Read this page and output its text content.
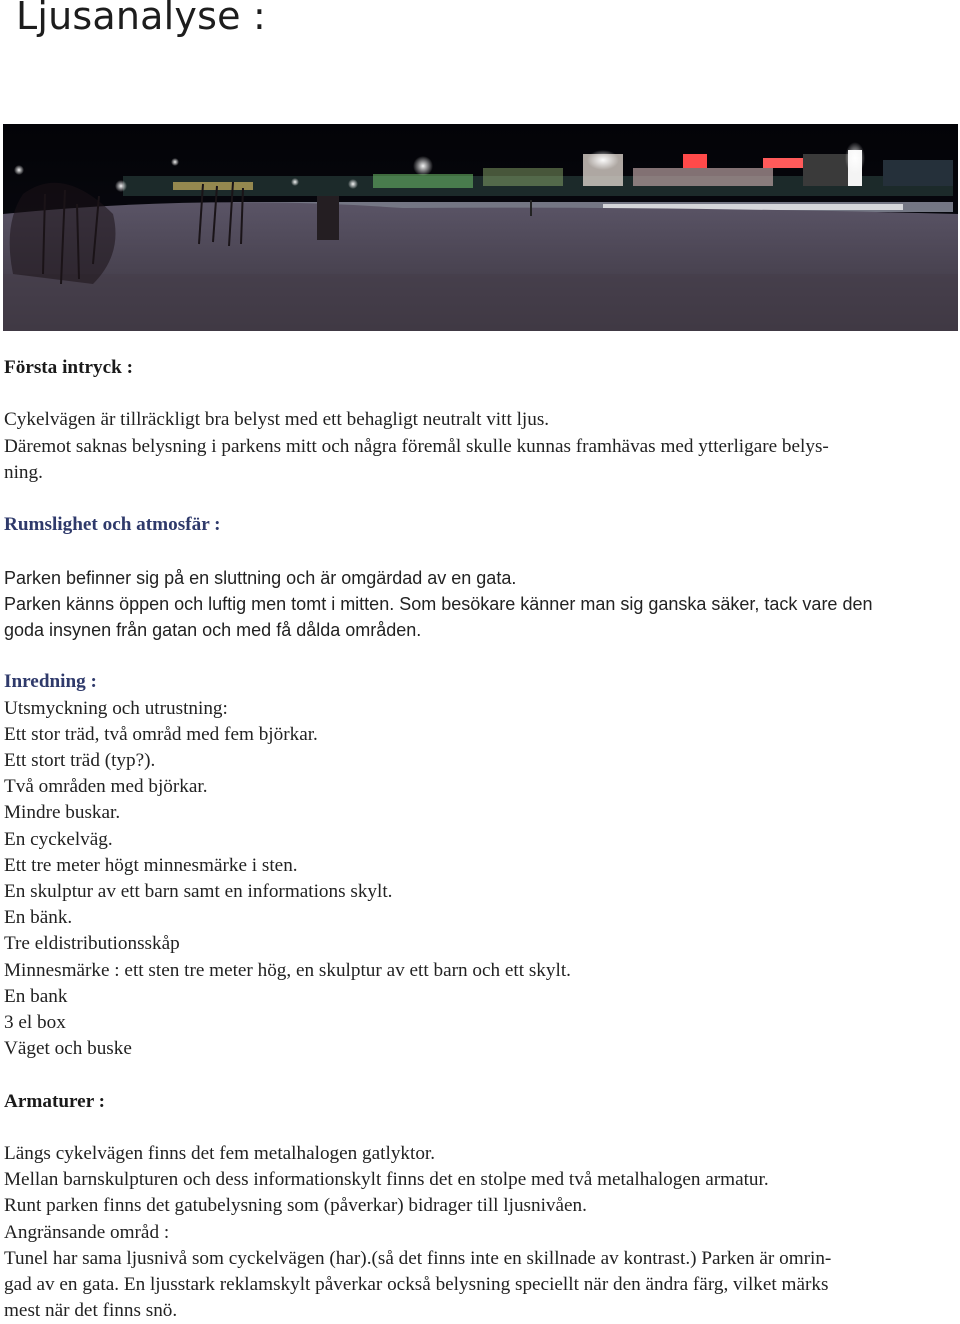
Ljusanalyse :

Första intryck :

Cykelvägen är tillräckligt bra belyst med ett behagligt neutralt vitt ljus.

Däremot saknas belysning i parkens mitt och några föremål skulle kunnas framhävas med ytterligare belys-

ning.

Rumslighet och atmosfär :

Parken befinner sig på en sluttning och är omgärdad av en gata.

Parken känns öppen och luftig men tomt i mitten. Som besökare känner man sig ganska säker, tack vare den

goda insynen från gatan och med få dålda områden.

Inredning :

Utsmyckning och utrustning:

Ett stor träd, två områd med fem björkar.

Ett stort träd (typ?).

Två områden med björkar.

Mindre buskar.

En cyckelväg.

Ett tre meter högt minnesmärke i sten.

En skulptur av ett barn samt en informations skylt.

En bänk.

Tre eldistributionsskåp

Minnesmärke : ett sten tre meter hög, en skulptur av ett barn och ett skylt.

En bank

3 el box

Väget och buske

Armaturer :

Längs cykelvägen finns det fem metalhalogen gatlyktor.

Mellan barnskulpturen och dess informationskylt finns det en stolpe med två metalhalogen armatur.

Runt parken finns det gatubelysning som (påverkar) bidrager till ljusnivåen.

Angränsande områd :

Tunel har sama ljusnivå som cyckelvägen (har).(så det finns inte en skillnade av kontrast.) Parken är omrin-

gad av en gata. En ljusstark reklamskylt påverkar också belysning speciellt när den ändra färg, vilket märks

mest när det finns snö.
